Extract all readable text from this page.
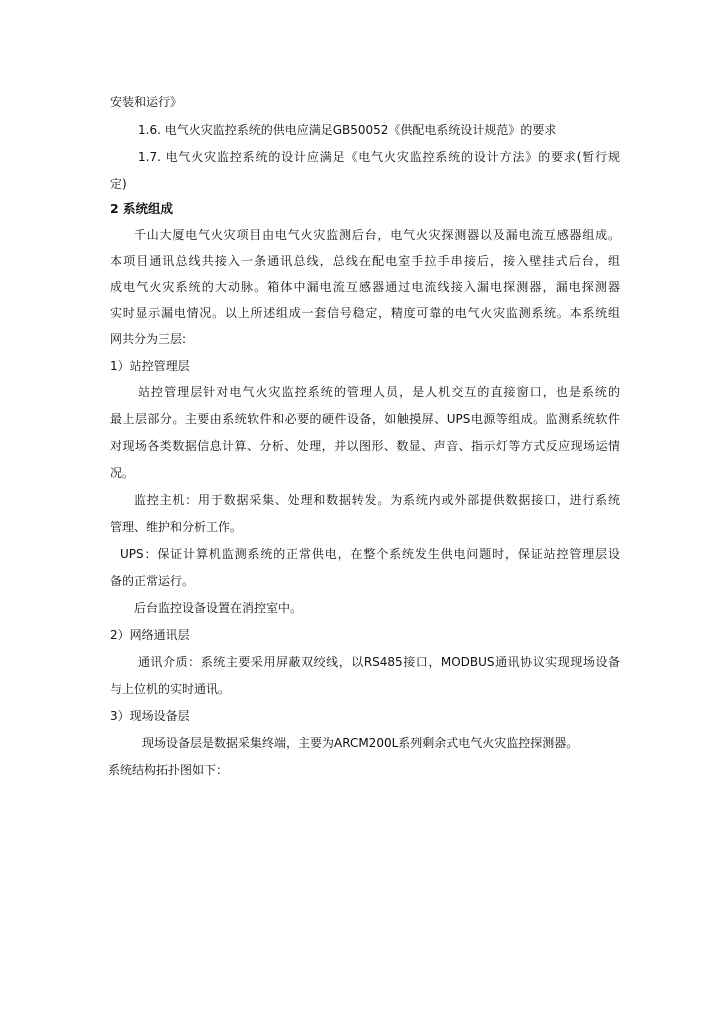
安装和运行》
1.6. 电气火灾监控系统的供电应满足GB50052《供配电系统设计规范》的要求
1.7. 电气火灾监控系统的设计应满足《电气火灾监控系统的设计方法》的要求(暂行规
定)
2 系统组成
千山大厦电气火灾项目由电气火灾监测后台，电气火灾探测器以及漏电流互感器组成。
本项目通讯总线共接入一条通讯总线，总线在配电室手拉手串接后，接入壁挂式后台，组
成电气火灾系统的大动脉。箱体中漏电流互感器通过电流线接入漏电探测器，漏电探测器
实时显示漏电情况。以上所述组成一套信号稳定，精度可靠的电气火灾监测系统。本系统组
网共分为三层:
1）站控管理层
站控管理层针对电气火灾监控系统的管理人员，是人机交互的直接窗口，也是系统的
最上层部分。主要由系统软件和必要的硬件设备，如触摸屏、UPS电源等组成。监测系统软件
对现场各类数据信息计算、分析、处理，并以图形、数显、声音、指示灯等方式反应现场运情
况。
监控主机：用于数据采集、处理和数据转发。为系统内或外部提供数据接口，进行系统
管理、维护和分析工作。
UPS：保证计算机监测系统的正常供电，在整个系统发生供电问题时，保证站控管理层设
备的正常运行。
后台监控设备设置在消控室中。
2）网络通讯层
通讯介质：系统主要采用屏蔽双绞线，以RS485接口，MODBUS通讯协议实现现场设备
与上位机的实时通讯。
3）现场设备层
现场设备层是数据采集终端，主要为ARCM200L系列剩余式电气火灾监控探测器。
系统结构拓扑图如下：
